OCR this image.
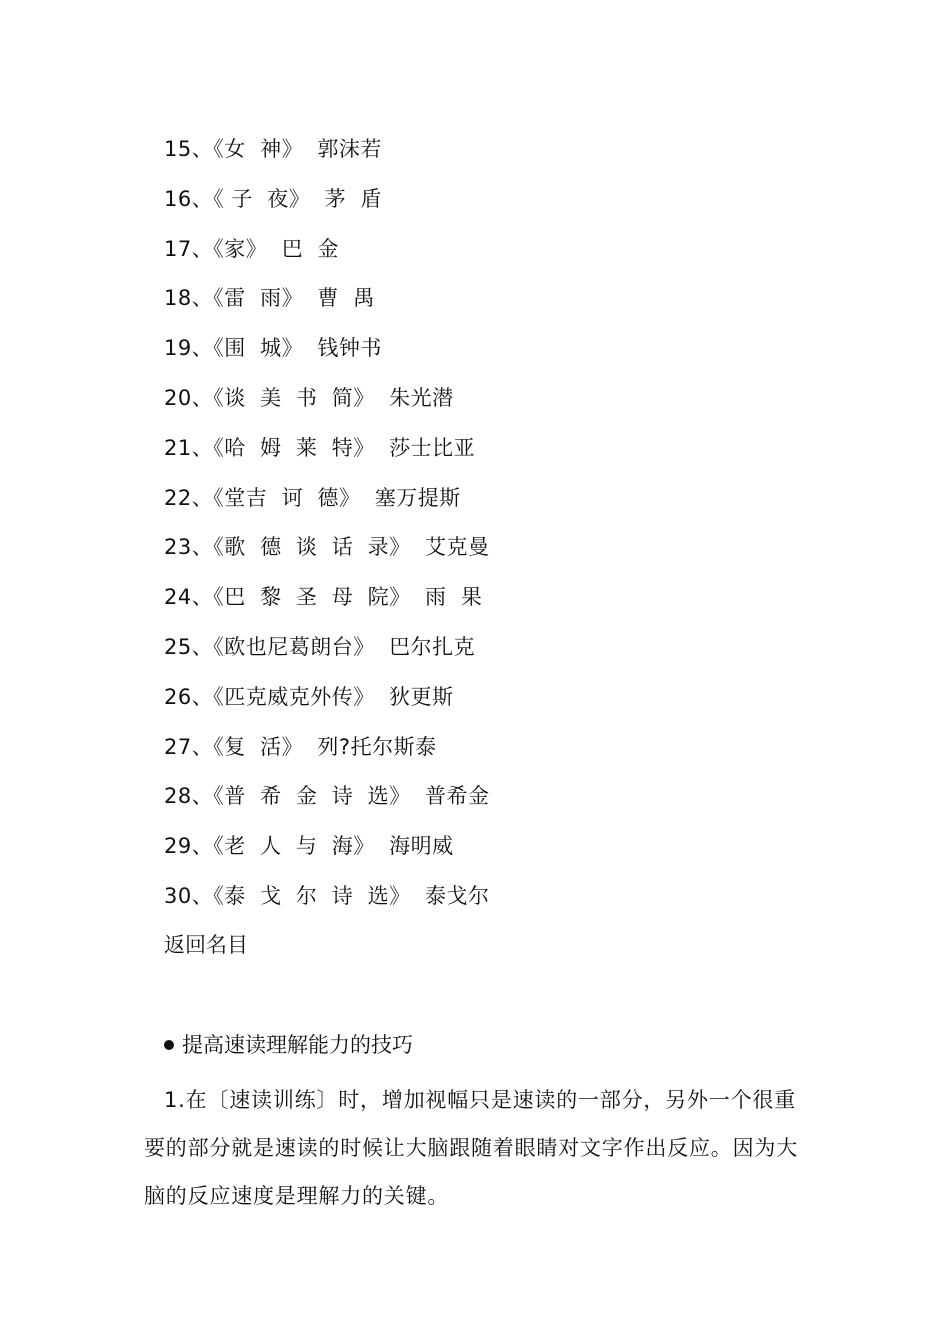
15、《女  神》  郭沫若
16、《 子  夜》  茅  盾
17、《家》  巴  金
18、《雷  雨》  曹  禺
19、《围  城》  钱钟书
20、《谈  美  书  简》  朱光潜
21、《哈  姆  莱  特》  莎士比亚
22、《堂吉  诃  德》  塞万提斯
23、《歌  德  谈  话  录》  艾克曼
24、《巴  黎  圣  母  院》  雨  果
25、《欧也尼葛朗台》  巴尔扎克
26、《匹克威克外传》  狄更斯
27、《复  活》  列?托尔斯泰
28、《普  希  金  诗  选》  普希金
29、《老  人  与  海》  海明威
30、《泰  戈  尔  诗  选》  泰戈尔
返回名目
提高速读理解能力的技巧

1.在〔速读训练〕时，增加视幅只是速读的一部分，另外一个很重要的部分就是速读的时候让大脑跟随着眼睛对文字作出反应。因为大脑的反应速度是理解力的关键。
